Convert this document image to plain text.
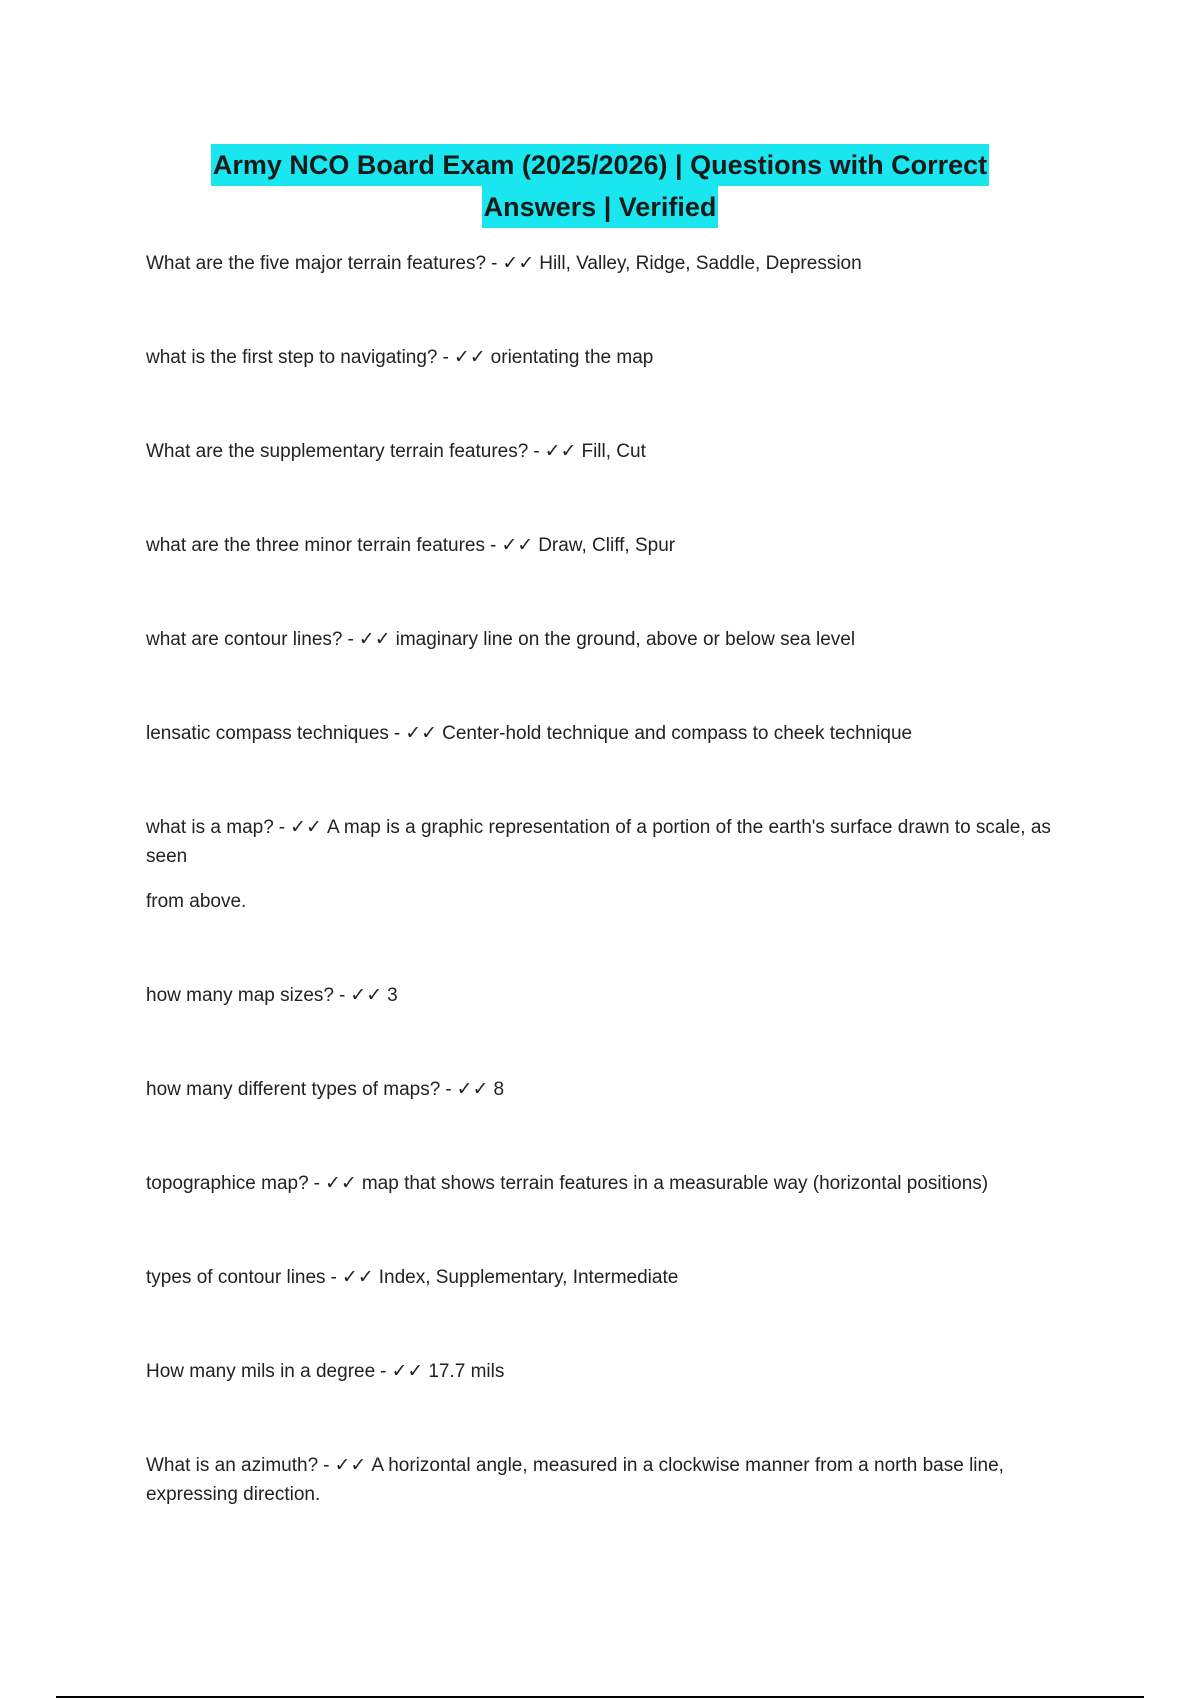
Army NCO Board Exam (2025/2026) | Questions with Correct
Answers | Verified
What are the five major terrain features? - ✓✓ Hill, Valley, Ridge, Saddle, Depression
what is the first step to navigating? - ✓✓ orientating the map
What are the supplementary terrain features? - ✓✓ Fill, Cut
what are the three minor terrain features - ✓✓ Draw, Cliff, Spur
what are contour lines? - ✓✓ imaginary line on the ground, above or below sea level
lensatic compass techniques - ✓✓ Center-hold technique and compass to cheek technique
what is a map? - ✓✓ A map is a graphic representation of a portion of the earth's surface drawn to scale, as seen
from above.
how many map sizes? - ✓✓ 3
how many different types of maps? - ✓✓ 8
topographice map? - ✓✓ map that shows terrain features in a measurable way (horizontal positions)
types of contour lines - ✓✓ Index, Supplementary, Intermediate
How many mils in a degree - ✓✓ 17.7 mils
What is an azimuth? - ✓✓ A horizontal angle, measured in a clockwise manner from a north base line, expressing direction.
